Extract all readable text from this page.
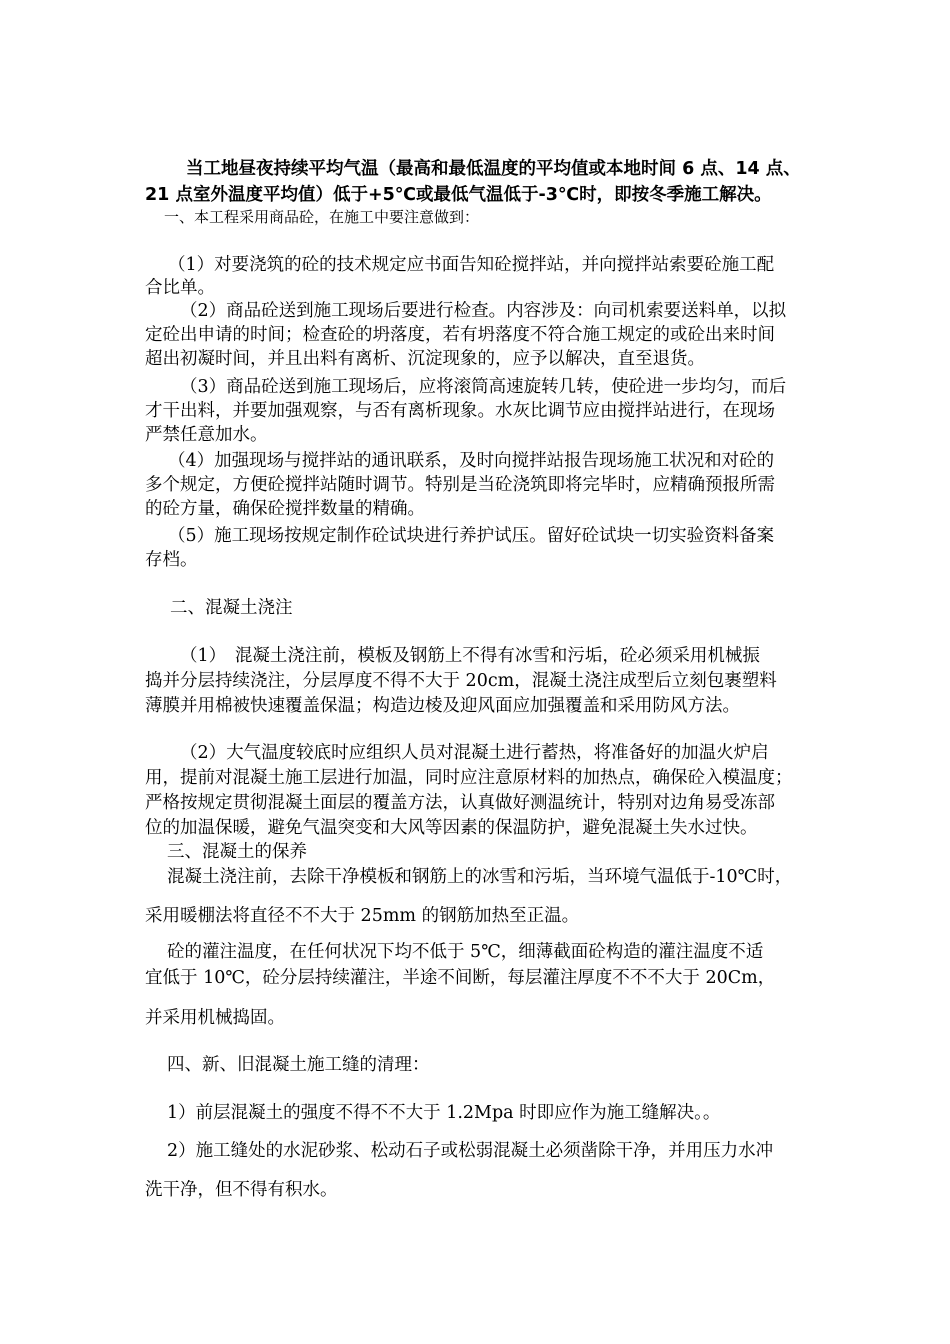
当工地昼夜持续平均气温（最高和最低温度的平均值或本地时间 6 点、14 点、

21 点室外温度平均值）低于+5℃或最低气温低于-3℃时，即按冬季施工解决。

一、本工程采用商品砼，在施工中要注意做到：

（1）对要浇筑的砼的技术规定应书面告知砼搅拌站，并向搅拌站索要砼施工配

合比单。

（2）商品砼送到施工现场后要进行检查。内容涉及：向司机索要送料单，以拟

定砼出申请的时间；检查砼的坍落度，若有坍落度不符合施工规定的或砼出来时间

超出初凝时间，并且出料有离析、沉淀现象的，应予以解决，直至退货。

（3）商品砼送到施工现场后，应将滚筒高速旋转几转，使砼进一步均匀，而后

才干出料，并要加强观察，与否有离析现象。水灰比调节应由搅拌站进行，在现场

严禁任意加水。

（4）加强现场与搅拌站的通讯联系，及时向搅拌站报告现场施工状况和对砼的

多个规定，方便砼搅拌站随时调节。特别是当砼浇筑即将完毕时，应精确预报所需

的砼方量，确保砼搅拌数量的精确。

（5）施工现场按规定制作砼试块进行养护试压。留好砼试块一切实验资料备案

存档。

二、混凝土浇注

（1）　混凝土浇注前，模板及钢筋上不得有冰雪和污垢，砼必须采用机械振

捣并分层持续浇注，分层厚度不得不大于 20cm，混凝土浇注成型后立刻包裹塑料

薄膜并用棉被快速覆盖保温；构造边棱及迎风面应加强覆盖和采用防风方法。

（2）大气温度较底时应组织人员对混凝土进行蓄热，将准备好的加温火炉启

用，提前对混凝土施工层进行加温，同时应注意原材料的加热点，确保砼入模温度；

严格按规定贯彻混凝土面层的覆盖方法，认真做好测温统计，特别对边角易受冻部

位的加温保暖，避免气温突变和大风等因素的保温防护，避免混凝土失水过快。

三、混凝土的保养

混凝土浇注前，去除干净模板和钢筋上的冰雪和污垢，当环境气温低于-10℃时，

采用暖棚法将直径不不大于 25mm 的钢筋加热至正温。

砼的灌注温度，在任何状况下均不低于 5℃，细薄截面砼构造的灌注温度不适

宜低于 10℃，砼分层持续灌注，半途不间断，每层灌注厚度不不不大于 20Cm，

并采用机械捣固。

四、新、旧混凝土施工缝的清理：

1）前层混凝土的强度不得不不大于 1.2Mpa 时即应作为施工缝解决。。

2）施工缝处的水泥砂浆、松动石子或松弱混凝土必须凿除干净，并用压力水冲

洗干净，但不得有积水。
